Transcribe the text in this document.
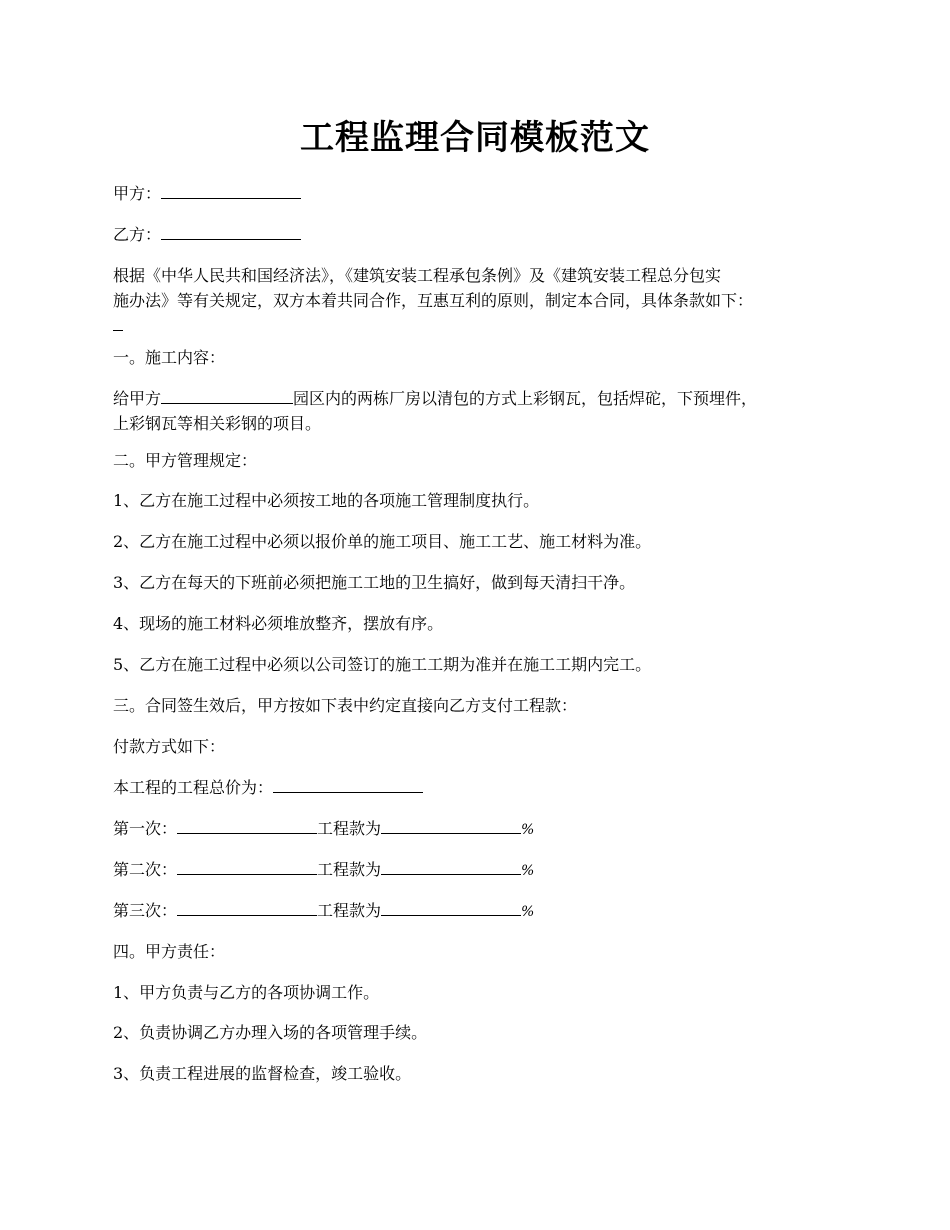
工程监理合同模板范文
甲方：
乙方：
根据《中华人民共和国经济法》，《建筑安装工程承包条例》及《建筑安装工程总分包实
施办法》等有关规定，双方本着共同合作，互惠互利的原则，制定本合同，具体条款如下：
一。施工内容：
给甲方	园区内的两栋厂房以清包的方式上彩钢瓦，包括焊砣，下预埋件，
上彩钢瓦等相关彩钢的项目。
二。甲方管理规定：
1、乙方在施工过程中必须按工地的各项施工管理制度执行。
2、乙方在施工过程中必须以报价单的施工项目、施工工艺、施工材料为准。
3、乙方在每天的下班前必须把施工工地的卫生搞好，做到每天清扫干净。
4、现场的施工材料必须堆放整齐，摆放有序。
5、乙方在施工过程中必须以公司签订的施工工期为准并在施工工期内完工。
三。合同签生效后，甲方按如下表中约定直接向乙方支付工程款：
付款方式如下：
本工程的工程总价为：
第一次：	工程款为	%
第二次：	工程款为	%
第三次：	工程款为	%
四。甲方责任：
1、甲方负责与乙方的各项协调工作。
2、负责协调乙方办理入场的各项管理手续。
3、负责工程进展的监督检查，竣工验收。
